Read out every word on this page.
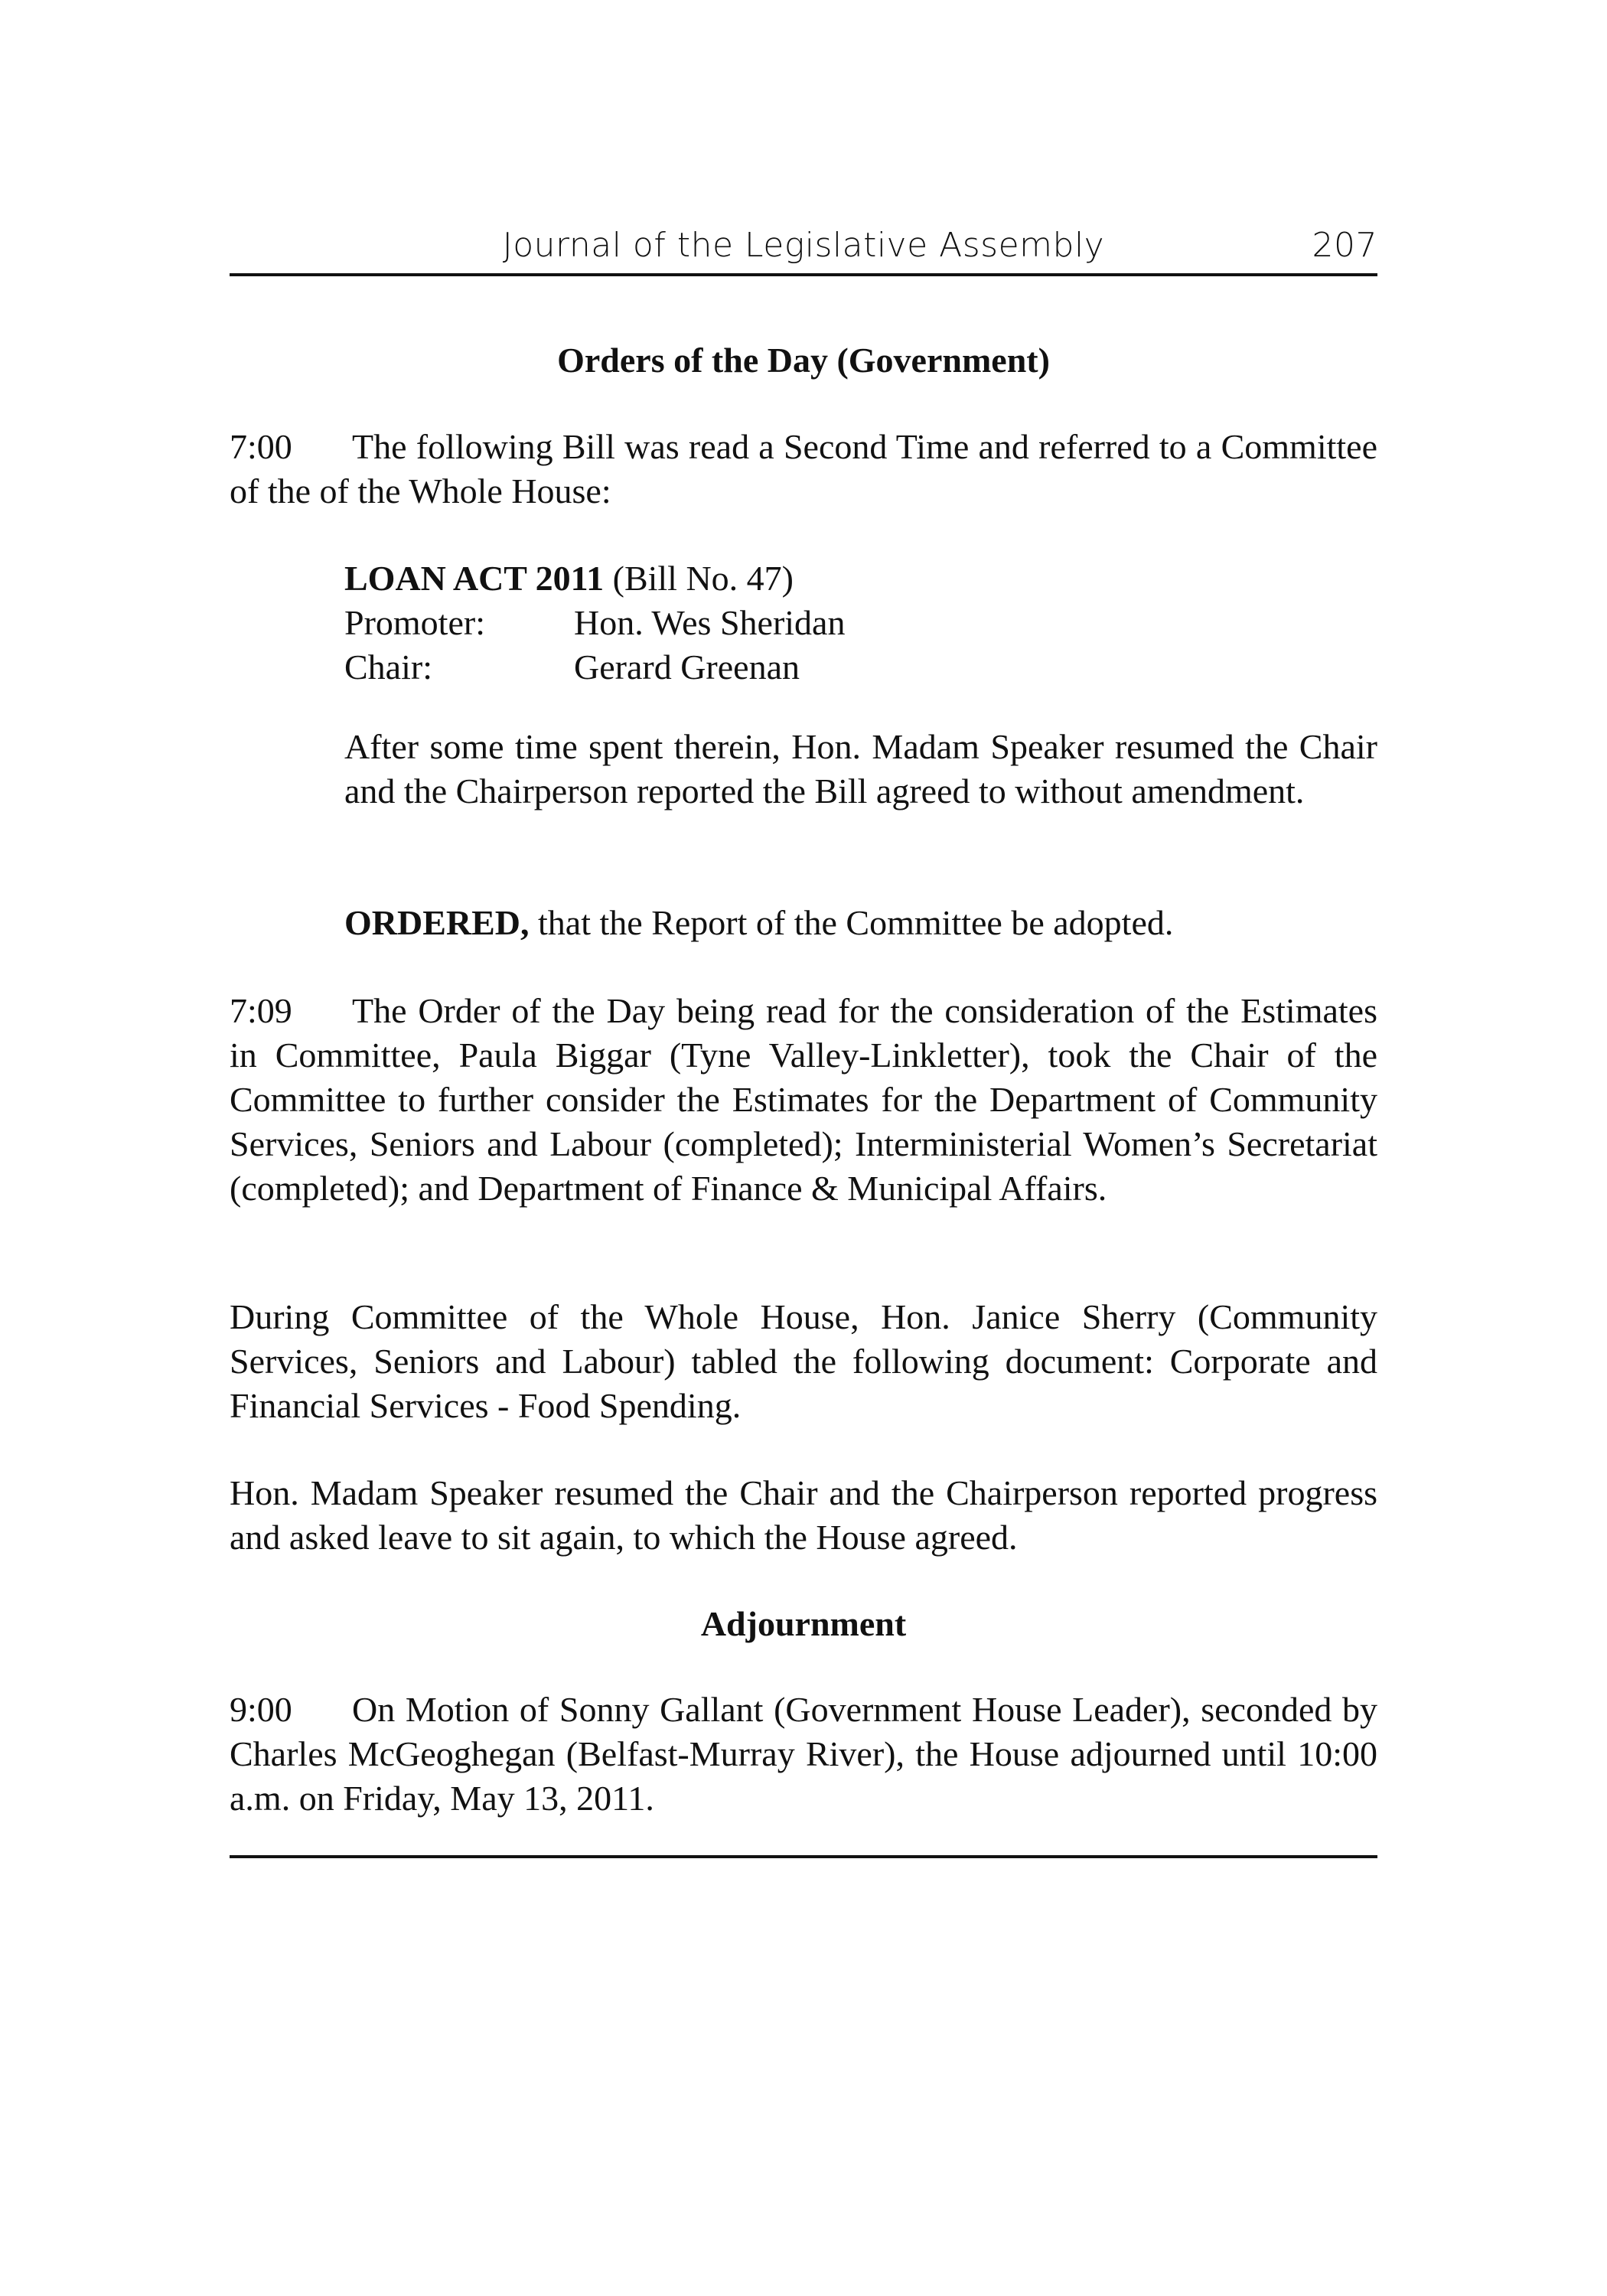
Journal of the Legislative Assembly	207
Orders of the Day (Government)

7:00 The following Bill was read a Second Time and referred to a Committee of the of the Whole House:

LOAN ACT 2011 (Bill No. 47)
Promoter:	Hon. Wes Sheridan
Chair:	Gerard Greenan

After some time spent therein, Hon. Madam Speaker resumed the Chair and the Chairperson reported the Bill agreed to without amendment.

ORDERED, that the Report of the Committee be adopted.

7:09 The Order of the Day being read for the consideration of the Estimates in Committee, Paula Biggar (Tyne Valley-Linkletter), took the Chair of the Committee to further consider the Estimates for the Department of Community Services, Seniors and Labour (completed); Interministerial Women’s Secretariat (completed); and Department of Finance & Municipal Affairs.

During Committee of the Whole House, Hon. Janice Sherry (Community Services, Seniors and Labour) tabled the following document: Corporate and Financial Services - Food Spending.

Hon. Madam Speaker resumed the Chair and the Chairperson reported progress and asked leave to sit again, to which the House agreed.

Adjournment

9:00 On Motion of Sonny Gallant (Government House Leader), seconded by Charles McGeoghegan (Belfast-Murray River), the House adjourned until 10:00 a.m. on Friday, May 13, 2011.
